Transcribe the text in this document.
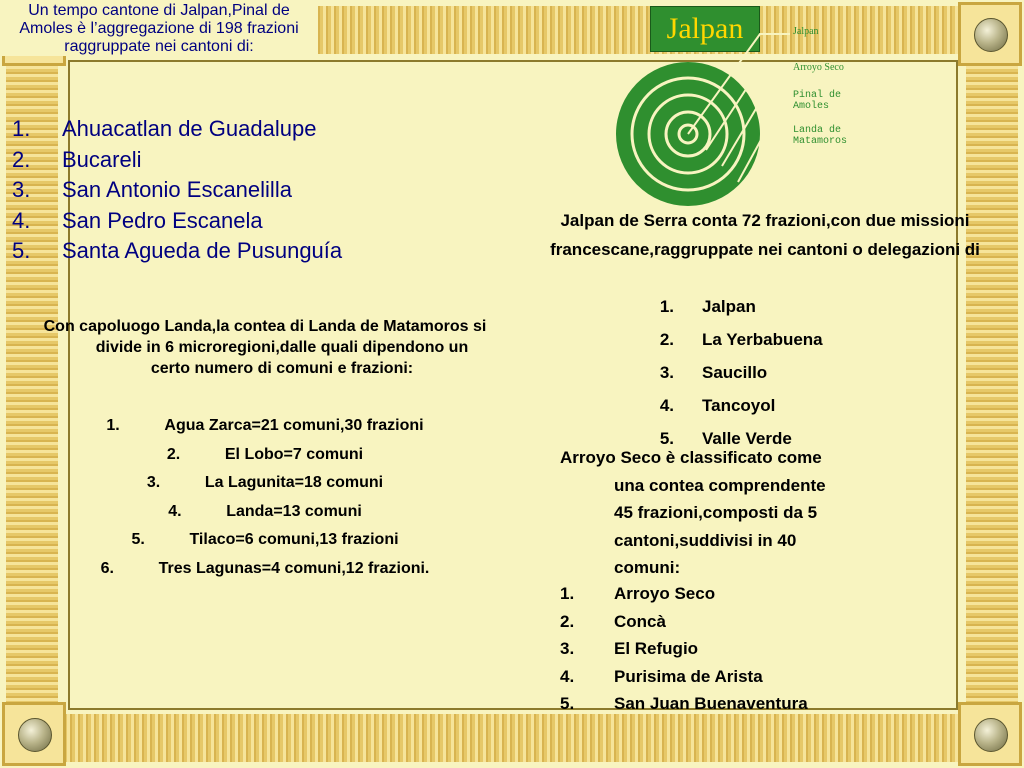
Un tempo cantone di Jalpan,Pinal de Amoles è l’aggregazione di 198 frazioni raggruppate nei cantoni di:

1. Ahuacatlan de Guadalupe
2. Bucareli
3. San Antonio Escanelilla
4. San Pedro Escanela
5. Santa Agueda de Pusunguía
Con capoluogo Landa,la contea di Landa de Matamoros si divide in 6 microregioni,dalle quali dipendono un certo numero di comuni e frazioni:
1.	Agua Zarca=21 comuni,30 frazioni
2.	El Lobo=7 comuni
3.	La Lagunita=18 comuni
4.	Landa=13 comuni
5.	Tilaco=6 comuni,13 frazioni
6.	Tres Lagunas=4 comuni,12 frazioni.
Jalpan	Jalpan
Arroyo Seco
Pinal de Amoles
Landa de Matamoros

Jalpan de Serra conta 72 frazioni,con due missioni francescane,raggruppate nei cantoni o delegazioni di

1. Jalpan
2. La Yerbabuena
3. Saucillo
4. Tancoyol
5. Valle Verde
Arroyo Seco è classificato come
una contea comprendente
45 frazioni,composti da 5
cantoni,suddivisi in 40
comuni:
1. Arroyo Seco
2. Concà
3. El Refugio
4. Purisima de Arista
5. San Juan Buenaventura
